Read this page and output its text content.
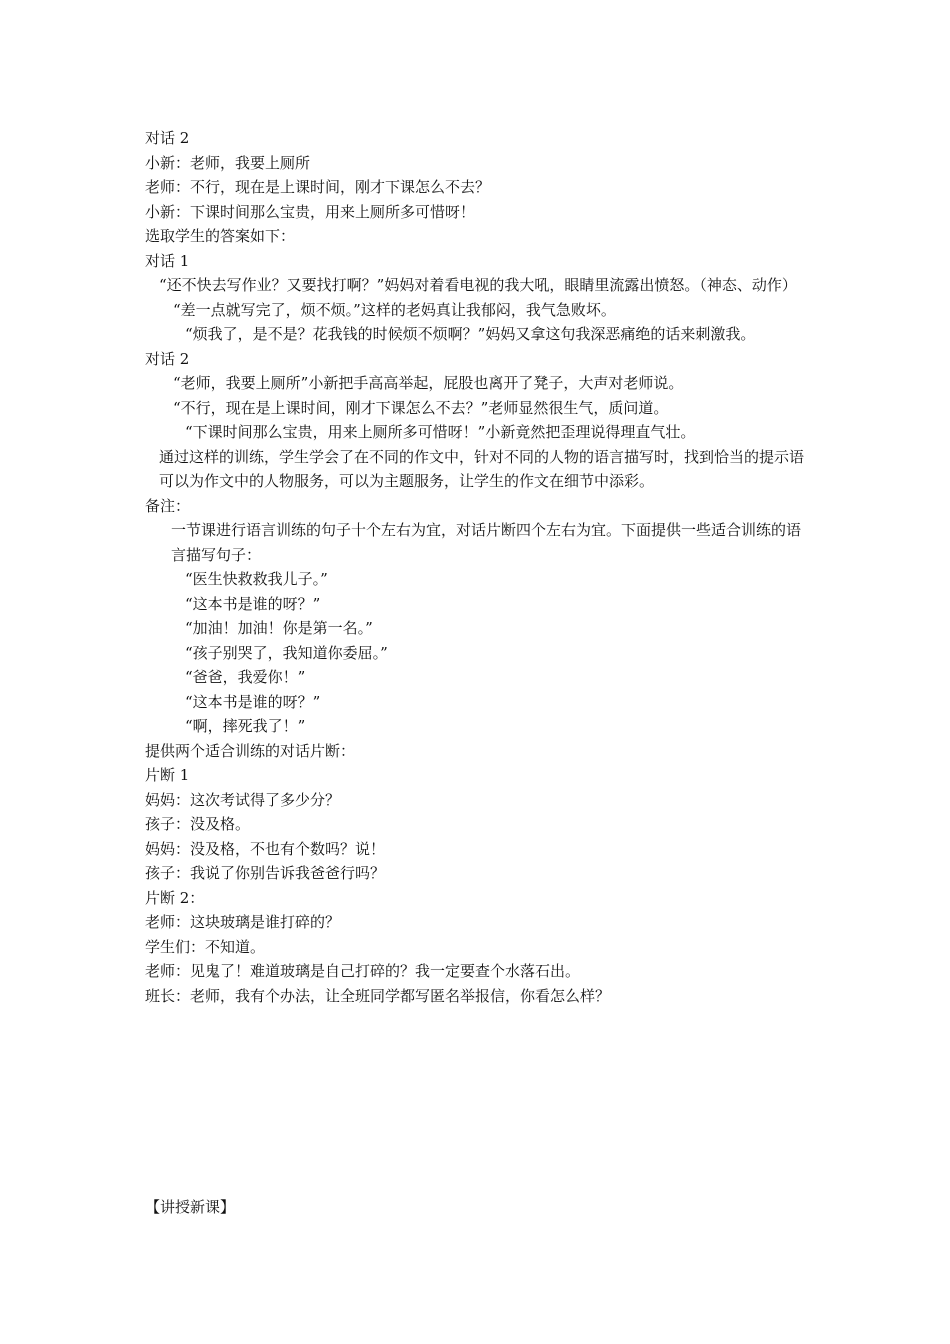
对话 2
小新：老师，我要上厕所
老师：不行，现在是上课时间，刚才下课怎么不去？
小新：下课时间那么宝贵，用来上厕所多可惜呀！
选取学生的答案如下：
对话 1
“还不快去写作业？又要找打啊？”妈妈对着看电视的我大吼，眼睛里流露出愤怒。（神态、动作）
“差一点就写完了，烦不烦。”这样的老妈真让我郁闷，我气急败坏。
“烦我了，是不是？花我钱的时候烦不烦啊？”妈妈又拿这句我深恶痛绝的话来刺激我。
对话 2
“老师，我要上厕所”小新把手高高举起，屁股也离开了凳子，大声对老师说。
“不行，现在是上课时间，刚才下课怎么不去？”老师显然很生气，质问道。
“下课时间那么宝贵，用来上厕所多可惜呀！”小新竟然把歪理说得理直气壮。
通过这样的训练，学生学会了在不同的作文中，针对不同的人物的语言描写时，找到恰当的提示语可以为作文中的人物服务，可以为主题服务，让学生的作文在细节中添彩。
备注：
一节课进行语言训练的句子十个左右为宜，对话片断四个左右为宜。下面提供一些适合训练的语言描写句子：
“医生快救救我儿子。”
“这本书是谁的呀？”
“加油！加油！你是第一名。”
“孩子别哭了，我知道你委屈。”
“爸爸，我爱你！”
“这本书是谁的呀？”
“啊，摔死我了！”
提供两个适合训练的对话片断：
片断 1
妈妈：这次考试得了多少分？
孩子：没及格。
妈妈：没及格，不也有个数吗？说！
孩子：我说了你别告诉我爸爸行吗？
片断 2：
老师：这块玻璃是谁打碎的？
学生们：不知道。
老师：见鬼了！难道玻璃是自己打碎的？我一定要查个水落石出。
班长：老师，我有个办法，让全班同学都写匿名举报信，你看怎么样？
【讲授新课】
